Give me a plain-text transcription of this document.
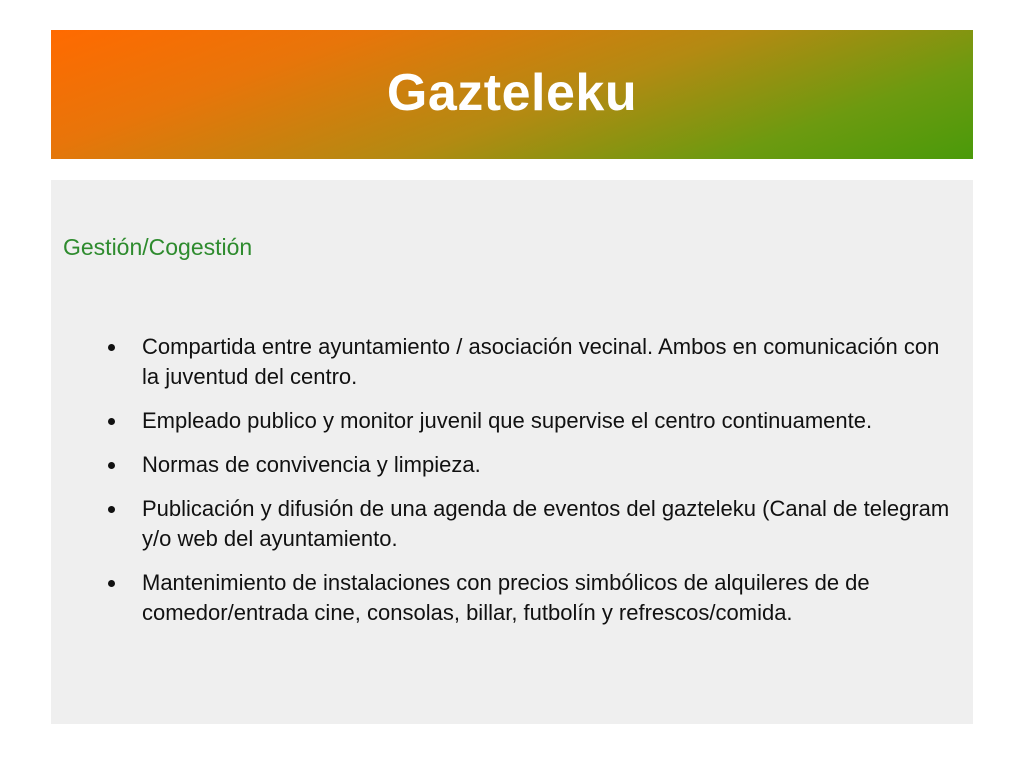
Gazteleku
Gestión/Cogestión
Compartida entre ayuntamiento / asociación vecinal. Ambos en comunicación con la juventud del centro.
Empleado publico y monitor juvenil que supervise el centro continuamente.
Normas de convivencia y limpieza.
Publicación y difusión de una agenda de eventos del gazteleku (Canal de telegram y/o web del ayuntamiento.
Mantenimiento de instalaciones con precios simbólicos de alquileres de de comedor/entrada cine, consolas, billar, futbolín y refrescos/comida.
